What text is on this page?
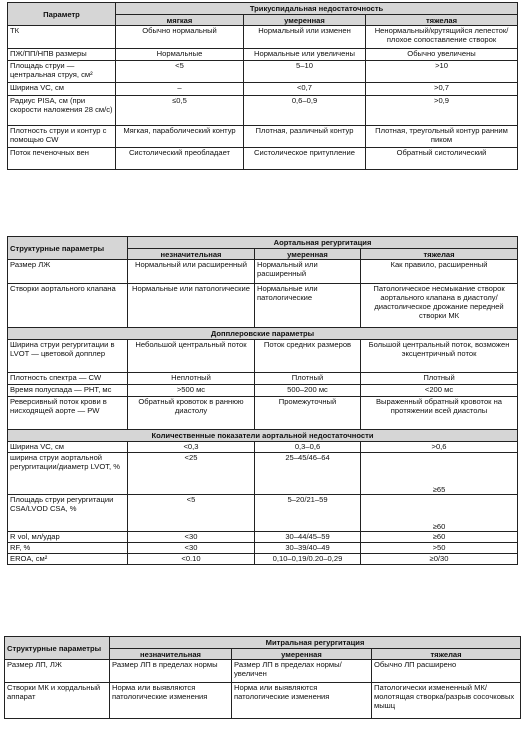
Параметр	Трикуспидальная недостаточность		
	мягкая	умеренная	тяжелая
ТК	Обычно нормальный	Нормальный или изменен	Ненормальный/крутящийся лепесток/ плохое сопоставление створок
ПЖ/ПП/НПВ размеры	Нормальные	Нормальные или увеличены	Обычно увеличены
Площадь струи — центральная струя, см²	<5	5–10	>10
Ширина VC, см	–	<0,7	>0,7
Радиус PISA, см (при скорости наложения 28 см/с)	≤0,5	0,6–0,9	>0,9
Плотность струи и контур с помощью CW	Мягкая, параболический контур	Плотная, различный контур	Плотная, треугольный контур ранним пиком
Поток печеночных вен	Систолический преобладает	Систолическое притупление	Обратный систолический
Структурные параметры	Аортальная регургитация		
	незначительная	умеренная	тяжелая
Размер ЛЖ	Нормальный или расширенный	Нормальный или расширенный	Как правило, расширенный
Створки аортального клапана	Нормальные или патологические	Нормальные или патологические	Патологическое несмыкание створок аортального клапана в диастолу/ диастолическое дрожание передней створки МК
Допплеровские параметры			
Ширина струи регургитации в LVOT — цветовой допплер	Небольшой центральный поток	Поток средних размеров	Большой центральный поток, возможен эксцентричный поток
Плотность спектра — CW	Неплотный	Плотный	Плотный
Время полуспада — PHT, мс	>500 мс	500–200 мс	<200 мс
Реверсивный поток крови в нисходящей аорте — PW	Обратный кровоток в раннюю диастолу	Промежуточный	Выраженный обратный кровоток на протяжении всей диастолы
Количественные показатели аортальной недостаточности			
Ширина VC, см	<0,3	0,3–0,6	>0,6
ширина струи аортальной регургитации/диаметр LVOT, %	<25	25–45/46–64	≥65
Площадь струи регургитации CSA/LVOD CSA, %	<5	5–20/21–59	≥60
R vol, мл/удар	<30	30–44/45–59	≥60
RF, %	<30	30–39/40–49	>50
EROA, см²	<0.10	0,10–0,19/0.20–0,29	≥0/30
Структурные параметры	Митральная регургитация		
	незначительная	умеренная	тяжелая
Размер ЛП, ЛЖ	Размер ЛП в пределах нормы	Размер ЛП в пределах нормы/ увеличен	Обычно ЛП расширено
Створки МК и хордальный аппарат	Норма или выявляются патологические изменения	Норма или выявляются патологические изменения	Патологически измененный МК/молотящая створка/разрыв сосочковых мышц
